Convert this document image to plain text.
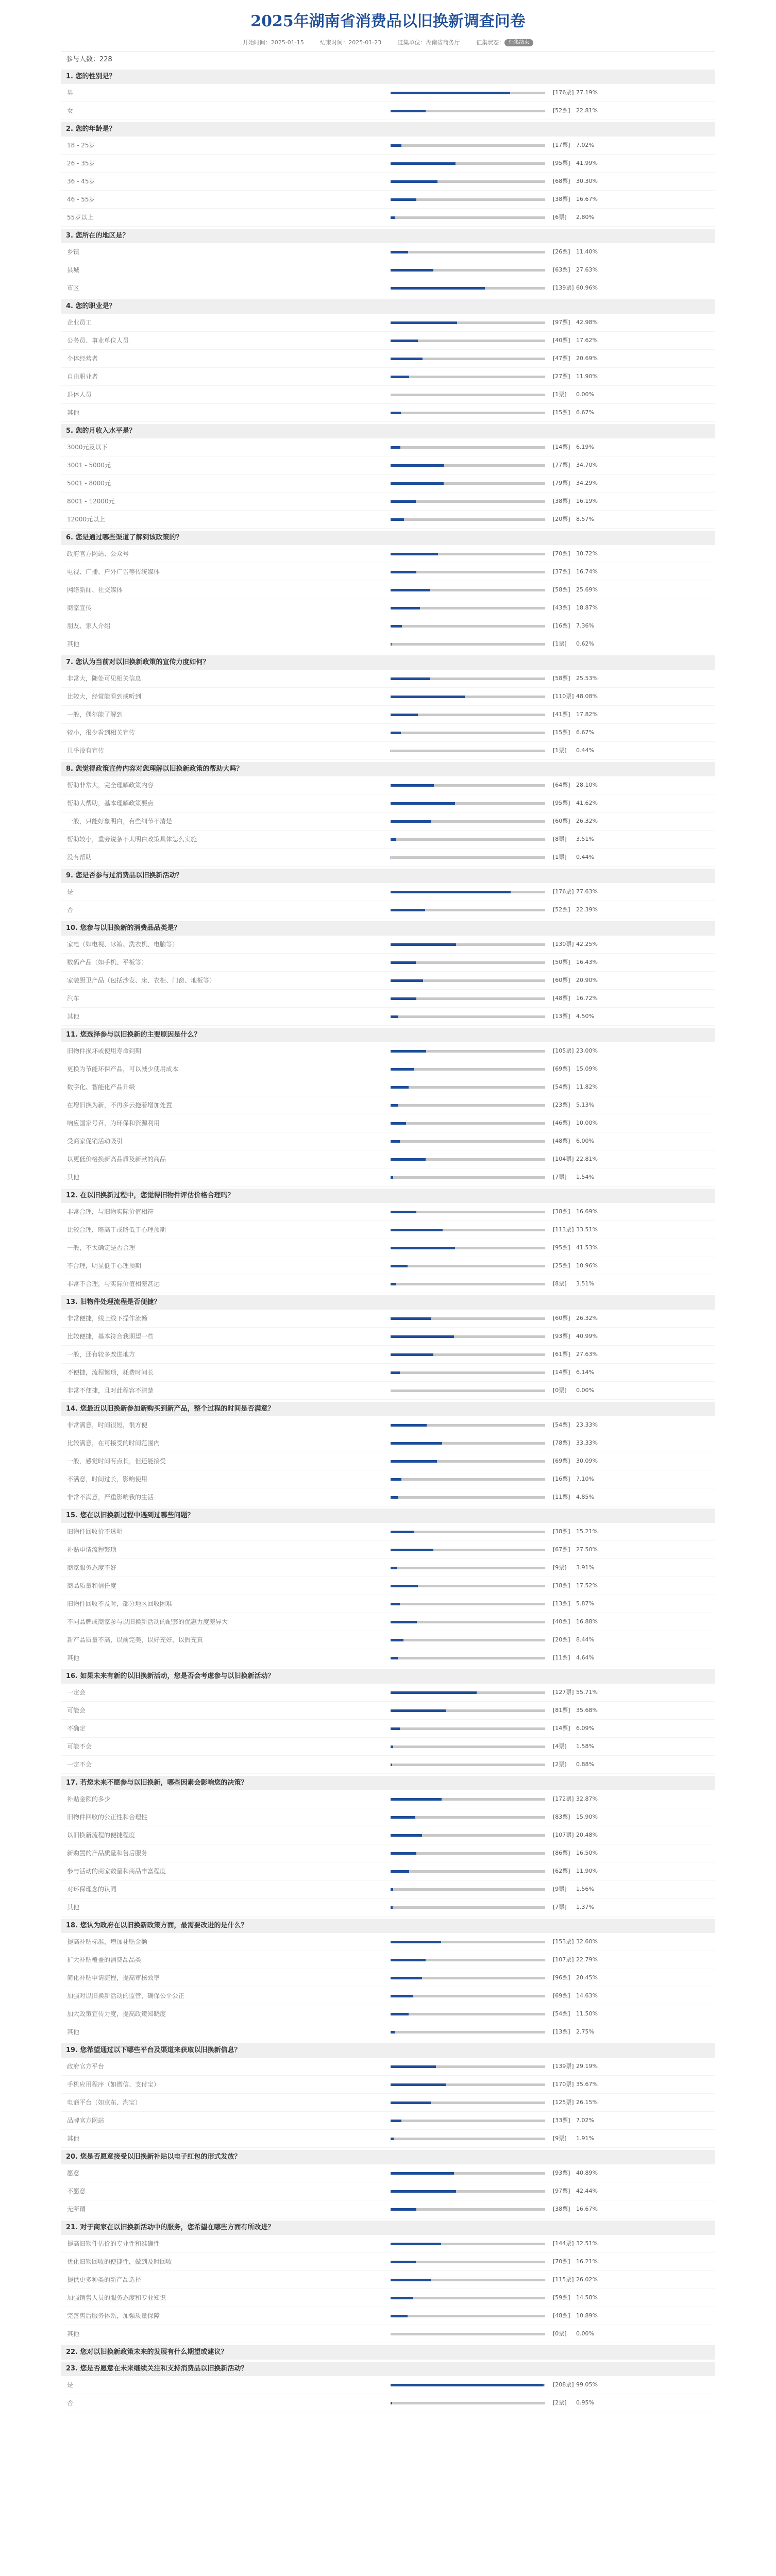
2025年湖南省消费品以旧换新调查问卷
开始时间：2025-01-15	结束时间：2025-01-23	征集单位：湖南省商务厅	征集状态： 征集结束
参与人数：228
1. 您的性别是？
男	[176票] 77.19%
女	[52票] 22.81%
2. 您的年龄是？
18 - 25岁	[17票] 7.02%
26 - 35岁	[95票] 41.99%
36 - 45岁	[68票] 30.30%
46 - 55岁	[38票] 16.67%
55岁以上	[6票] 2.80%
3. 您所在的地区是？
乡镇	[26票] 11.40%
县城	[63票] 27.63%
市区	[139票] 60.96%
4. 您的职业是？
企业员工	[97票] 42.98%
公务员、事业单位人员	[40票] 17.62%
个体经营者	[47票] 20.69%
自由职业者	[27票] 11.90%
退休人员	[1票] 0.00%
其他	[15票] 6.67%
5. 您的月收入水平是？
3000元及以下	[14票] 6.19%
3001 - 5000元	[77票] 34.70%
5001 - 8000元	[79票] 34.29%
8001 - 12000元	[38票] 16.19%
12000元以上	[20票] 8.57%
6. 您是通过哪些渠道了解到该政策的？
政府官方网站、公众号	[70票] 30.72%
电视、广播、户外广告等传统媒体	[37票] 16.74%
网络新闻、社交媒体	[58票] 25.69%
商家宣传	[43票] 18.87%
朋友、家人介绍	[16票] 7.36%
其他	[1票] 0.62%
7. 您认为当前对以旧换新政策的宣传力度如何？
非常大，随处可见相关信息	[58票] 25.53%
比较大，经常能看到或听到	[110票] 48.08%
一般，偶尔能了解到	[41票] 17.82%
较小，很少看到相关宣传	[15票] 6.67%
几乎没有宣传	[1票] 0.44%
8. 您觉得政策宣传内容对您理解以旧换新政策的帮助大吗？
帮助非常大，完全理解政策内容	[64票] 28.10%
帮助大帮助，基本理解政策要点	[95票] 41.62%
一般，只能好象明白，有些细节不清楚	[60票] 26.32%
帮助较小，重旁说条不太明白政策具体怎么实施	[8票] 3.51%
没有帮助	[1票] 0.44%
9. 您是否参与过消费品以旧换新活动？
是	[176票] 77.63%
否	[52票] 22.39%
10. 您参与以旧换新的消费品品类是？
家电（如电视、冰箱、洗衣机、电脑等）	[130票] 42.25%
数码产品（如手机、平板等）	[50票] 16.43%
家装厨卫产品（包括沙发、床、衣柜、门窗、地板等）	[60票] 20.90%
汽车	[48票] 16.72%
其他	[13票] 4.50%
11. 您选择参与以旧换新的主要原因是什么？
旧物件损坏或使用寿命到期	[105票] 23.00%
更换为节能环保产品，可以减少使用成本	[69票] 15.09%
数字化、智能化产品升级	[54票] 11.82%
在增旧换为新，不再多云拖着增加处置	[23票] 5.13%
响应国家号召，为环保和资源利用	[46票] 10.00%
受商家促销活动吸引	[48票] 6.00%
以更低价格换新高品质及新款的商品	[104票] 22.81%
其他	[7票] 1.54%
12. 在以旧换新过程中，您觉得旧物件评估价格合理吗？
非常合理，与旧物实际价值相符	[38票] 16.69%
比较合理，略高于或略低于心理预期	[113票] 33.51%
一般，不太确定是否合理	[95票] 41.53%
不合理，明显低于心理预期	[25票] 10.96%
非常不合理，与实际价值相差甚远	[8票] 3.51%
13. 旧物件处理流程是否便捷？
非常便捷，线上线下操作流畅	[60票] 26.32%
比较便捷，基本符合我期望一些	[93票] 40.99%
一般，还有较多改进地方	[61票] 27.63%
不便捷，流程繁琐，耗费时间长	[14票] 6.14%
非常不便捷，且对此程容不清楚	[0票] 0.00%
14. 您最近以旧换新参加新购买到新产品，整个过程的时间是否满意？
非常满意，时间很短，很方便	[54票] 23.33%
比较满意，在可接受的时间范围内	[78票] 33.33%
一般，感觉时间有点长，但还能接受	[69票] 30.09%
不满意，时间过长，影响使用	[16票] 7.10%
非常不满意，严重影响我的生活	[11票] 4.85%
15. 您在以旧换新过程中遇到过哪些问题？
旧物件回收价不透明	[38票] 15.21%
补贴申请流程繁琐	[67票] 27.50%
商家服务态度不好	[9票] 3.91%
商品质量和信任度	[38票] 17.52%
旧物件回收不及时，部分地区回收困难	[13票] 5.87%
不同品牌或商家参与以旧换新活动的配套的优惠力度差异大	[40票] 16.88%
新产品质量不高，以前完美，以好充好，以假充真	[20票] 8.44%
其他	[11票] 4.64%
16. 如果未来有新的以旧换新活动，您是否会考虑参与以旧换新活动？
一定会	[127票] 55.71%
可能会	[81票] 35.68%
不确定	[14票] 6.09%
可能不会	[4票] 1.58%
一定不会	[2票] 0.88%
17. 若您未来不愿参与以旧换新，哪些因素会影响您的决策？
补贴金额的多少	[172票] 32.87%
旧物件回收的公正性和合理性	[83票] 15.90%
以旧换新流程的便捷程度	[107票] 20.48%
新购置的产品质量和售后服务	[86票] 16.50%
参与活动的商家数量和商品丰富程度	[62票] 11.90%
对环保理念的认同	[9票] 1.56%
其他	[7票] 1.37%
18. 您认为政府在以旧换新政策方面，最需要改进的是什么？
提高补贴标准，增加补贴金额	[153票] 32.60%
扩大补贴覆盖的消费品品类	[107票] 22.79%
简化补贴申请流程，提高审核效率	[96票] 20.45%
加强对以旧换新活动的监管，确保公平公正	[69票] 14.63%
加大政策宣传力度，提高政策知晓度	[54票] 11.50%
其他	[13票] 2.75%
19. 您希望通过以下哪些平台及渠道来获取以旧换新信息？
政府官方平台	[139票] 29.19%
手机应用程序（如微信、支付宝）	[170票] 35.67%
电商平台（如京东、淘宝）	[125票] 26.15%
品牌官方网站	[33票] 7.02%
其他	[9票] 1.91%
20. 您是否愿意接受以旧换新补贴以电子红包的形式发放？
愿意	[93票] 40.89%
不愿意	[97票] 42.44%
无所谓	[38票] 16.67%
21. 对于商家在以旧换新活动中的服务，您希望在哪些方面有所改进？
提高旧物件估价的专业性和准确性	[144票] 32.51%
优化旧物回收的便捷性，做到及时回收	[70票] 16.21%
提供更多种类的新产品选择	[115票] 26.02%
加强销售人员的服务态度和专业知识	[59票] 14.58%
完善售后服务体系，加强质量保障	[48票] 10.89%
其他	[0票] 0.00%
22. 您对以旧换新政策未来的发展有什么期望或建议？
23. 您是否愿意在未来继续关注和支持消费品以旧换新活动？
是	[208票] 99.05%
否	[2票] 0.95%
